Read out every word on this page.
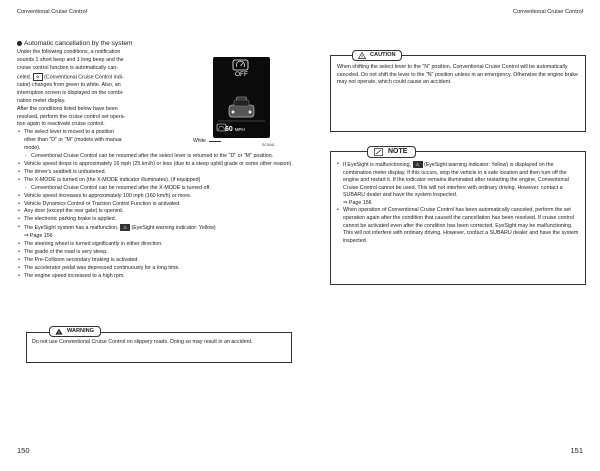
Conventional Cruise Control	Conventional Cruise Control
Automatic cancellation by the system

Under the following conditions, a notification
sounds 1 short beep and 1 long beep and the
cruise control function is automatically can-
celed. ⎉ (Conventional Cruise Control indi-
cator) changes from green to white. Also, an
interruption screen is displayed on the combi-
nation meter display.
After the conditions listed below have been
resolved, perform the cruise control set opera-
tion again to reactivate cruise control.

• The select lever is moved to a position
other than "D" or "M" (models with manua
mode).
- Conventional Cruise Control can be resumed after the select lever is returned to the "D" or "M" position.
• Vehicle speed drops to approximately 16 mph (25 km/h) or less (due to a steep uphill grade or some other reason).
• The driver's seatbelt is unfastened.
• The X-MODE is turned on (the X-MODE indicator illuminates). (if equipped)
- Conventional Cruise Control can be resumed after the X-MODE is turned off.
• Vehicle speed increases to approximately 100 mph (160 km/h) or more.
• Vehicle Dynamics Control or Traction Control Function is activated.
• Any door (except the rear gate) is opened.
• The electronic parking brake is applied.
• The EyeSight system has a malfunction. ⚠ (EyeSight warning indicator: Yellow)
⇒ Page 156
• The steering wheel is turned significantly in either direction.
• The grade of the road is very steep.
• The Pre-Collision secondary braking is activated.
• The accelerator pedal was depressed continuously for a long time.
• The engine speed increased to a high rpm.
OFF
60 MPH
White
SC0041
Do not use Conventional Cruise Control on slippery roads. Doing so may result in an accident.
! WARNING
When shifting the select lever to the "N" position, Conventional Cruise Control will be automatically canceled. Do not shift the lever to the "N" position unless in an emergency. Otherwise the engine brake may not operate, which could cause an accident.
! CAUTION
• If EyeSight is malfunctioning, ⚠ (EyeSight warning indicator: Yellow) is displayed on the combination meter display. If this occurs, stop the vehicle in a safe location and then turn off the engine and restart it. If the indicator remains illuminated after restarting the engine, Conventional Cruise Control cannot be used. This will not interfere with ordinary driving. However, contact a SUBARU dealer and have the system inspected.
⇒ Page 156
• When operation of Conventional Cruise Control has been automatically canceled, perform the set operation again after the condition that caused the cancellation has been resolved. If cruise control cannot be activated even after the condition has been corrected, EyeSight may be malfunctioning. This will not interfere with ordinary driving. However, contact a SUBARU dealer and have the system inspected.
NOTE
150	151
